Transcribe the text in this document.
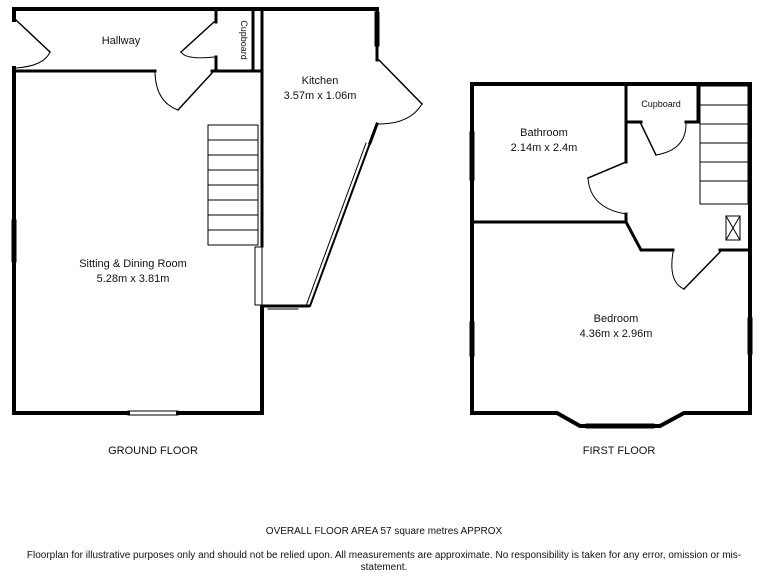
Hallway	Cupboard
Kitchen
3.57m x 1.06m
Sitting & Dining Room
5.28m x 3.81m
GROUND FLOOR
Bathroom
2.14m x 2.4m
Cupboard
Bedroom
4.36m x 2.96m
FIRST FLOOR
OVERALL FLOOR AREA 57 square metres APPROX
Floorplan for illustrative purposes only and should not be relied upon. All measurements are approximate. No responsibility is taken for any error, omission or mis-statement.
